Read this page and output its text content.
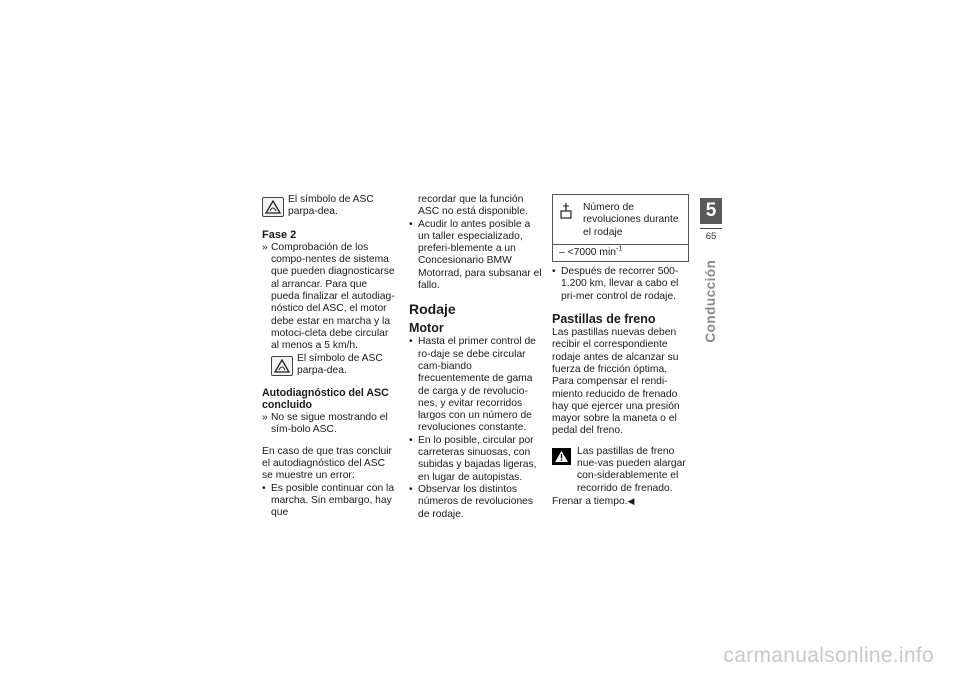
El símbolo de ASC parpa-dea.

Fase 2

» Comprobación de los compo-nentes de sistema que pueden diagnosticarse al arrancar. Para que pueda finalizar el autodiag-nóstico del ASC, el motor debe estar en marcha y la motoci-cleta debe circular al menos a 5 km/h.

El símbolo de ASC parpa-dea.

Autodiagnóstico del ASC concluido

» No se sigue mostrando el sím-bolo ASC.

En caso de que tras concluir el autodiagnóstico del ASC se muestre un error:

• Es posible continuar con la marcha. Sin embargo, hay que

recordar que la función ASC no está disponible.

• Acudir lo antes posible a un taller especializado, preferi-blemente a un Concesionario BMW Motorrad, para subsanar el fallo.

Rodaje

Motor

• Hasta el primer control de ro-daje se debe circular cam-biando frecuentemente de gama de carga y de revolucio-nes, y evitar recorridos largos con un número de revoluciones constante.

• En lo posible, circular por carreteras sinuosas, con subidas y bajadas ligeras, en lugar de autopistas.

• Observar los distintos números de revoluciones de rodaje.

Número de revoluciones durante el rodaje
– <7000 $\min^{-1}$
• Después de recorrer 500-1.200 km, llevar a cabo el pri-mer control de rodaje.

Pastillas de freno

Las pastillas nuevas deben recibir el correspondiente rodaje antes de alcanzar su fuerza de fricción óptima. Para compensar el rendi-miento reducido de frenado hay que ejercer una presión mayor sobre la maneta o el pedal del freno.

Las pastillas de freno nue-vas pueden alargar con-siderablemente el recorrido de frenado.

Frenar a tiempo.◀

5
65
Conducción
carmanualsonline.info
